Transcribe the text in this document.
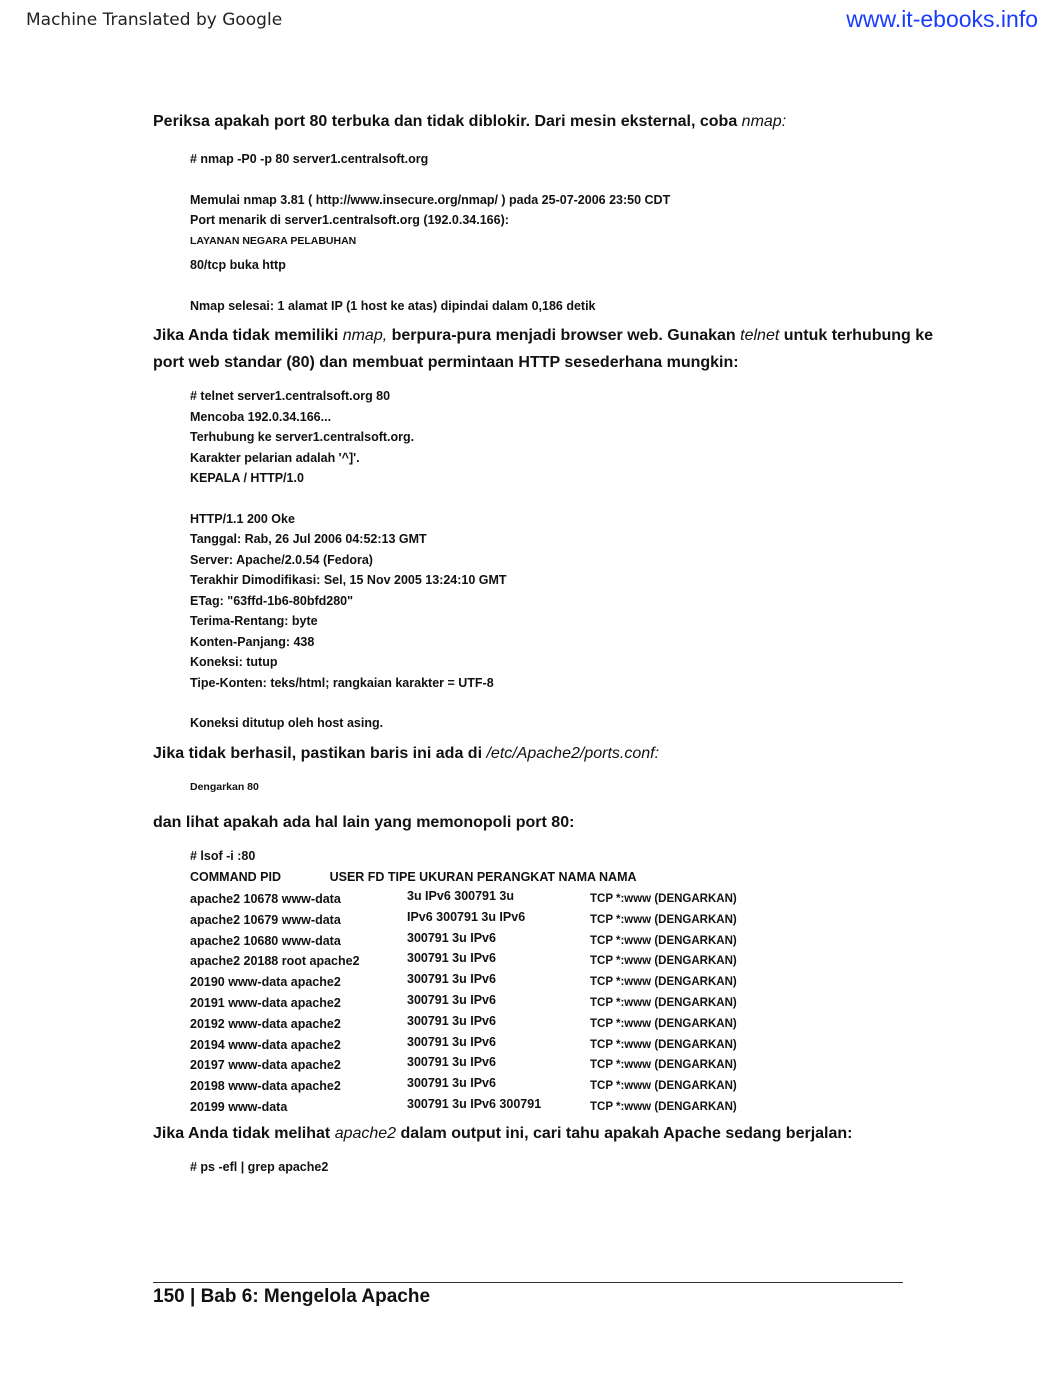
Machine Translated by Google	www.it-ebooks.info

Periksa apakah port 80 terbuka dan tidak diblokir. Dari mesin eksternal, coba nmap:

# nmap -P0 -p 80 server1.centralsoft.org
Memulai nmap 3.81 ( http://www.insecure.org/nmap/ ) pada 25-07-2006 23:50 CDT
Port menarik di server1.centralsoft.org (192.0.34.166):
LAYANAN NEGARA PELABUHAN
80/tcp buka http
Nmap selesai: 1 alamat IP (1 host ke atas) dipindai dalam 0,186 detik

Jika Anda tidak memiliki nmap, berpura-pura menjadi browser web. Gunakan telnet untuk terhubung ke port web standar (80) dan membuat permintaan HTTP sesederhana mungkin:

# telnet server1.centralsoft.org 80
Mencoba 192.0.34.166...
Terhubung ke server1.centralsoft.org.
Karakter pelarian adalah '^]'.
KEPALA / HTTP/1.0
HTTP/1.1 200 Oke
Tanggal: Rab, 26 Jul 2006 04:52:13 GMT
Server: Apache/2.0.54 (Fedora)
Terakhir Dimodifikasi: Sel, 15 Nov 2005 13:24:10 GMT
ETag: "63ffd-1b6-80bfd280"
Terima-Rentang: byte
Konten-Panjang: 438
Koneksi: tutup
Tipe-Konten: teks/html; rangkaian karakter = UTF-8
Koneksi ditutup oleh host asing.

Jika tidak berhasil, pastikan baris ini ada di /etc/Apache2/ports.conf:

Dengarkan 80

dan lihat apakah ada hal lain yang memonopoli port 80:

# lsof -i :80
COMMAND PID              USER FD TIPE UKURAN PERANGKAT NAMA NAMA
apache2 10678 www-data	3u IPv6 300791 3u	TCP *:www (DENGARKAN)
apache2 10679 www-data	IPv6 300791 3u IPv6	TCP *:www (DENGARKAN)
apache2 10680 www-data	300791 3u IPv6	TCP *:www (DENGARKAN)
apache2 20188 root apache2	300791 3u IPv6	TCP *:www (DENGARKAN)
20190 www-data apache2	300791 3u IPv6	TCP *:www (DENGARKAN)
20191 www-data apache2	300791 3u IPv6	TCP *:www (DENGARKAN)
20192 www-data apache2	300791 3u IPv6	TCP *:www (DENGARKAN)
20194 www-data apache2	300791 3u IPv6	TCP *:www (DENGARKAN)
20197 www-data apache2	300791 3u IPv6	TCP *:www (DENGARKAN)
20198 www-data apache2	300791 3u IPv6	TCP *:www (DENGARKAN)
20199 www-data	300791 3u IPv6 300791	TCP *:www (DENGARKAN)

Jika Anda tidak melihat apache2 dalam output ini, cari tahu apakah Apache sedang berjalan:

# ps -efl | grep apache2
150 | Bab 6: Mengelola Apache
